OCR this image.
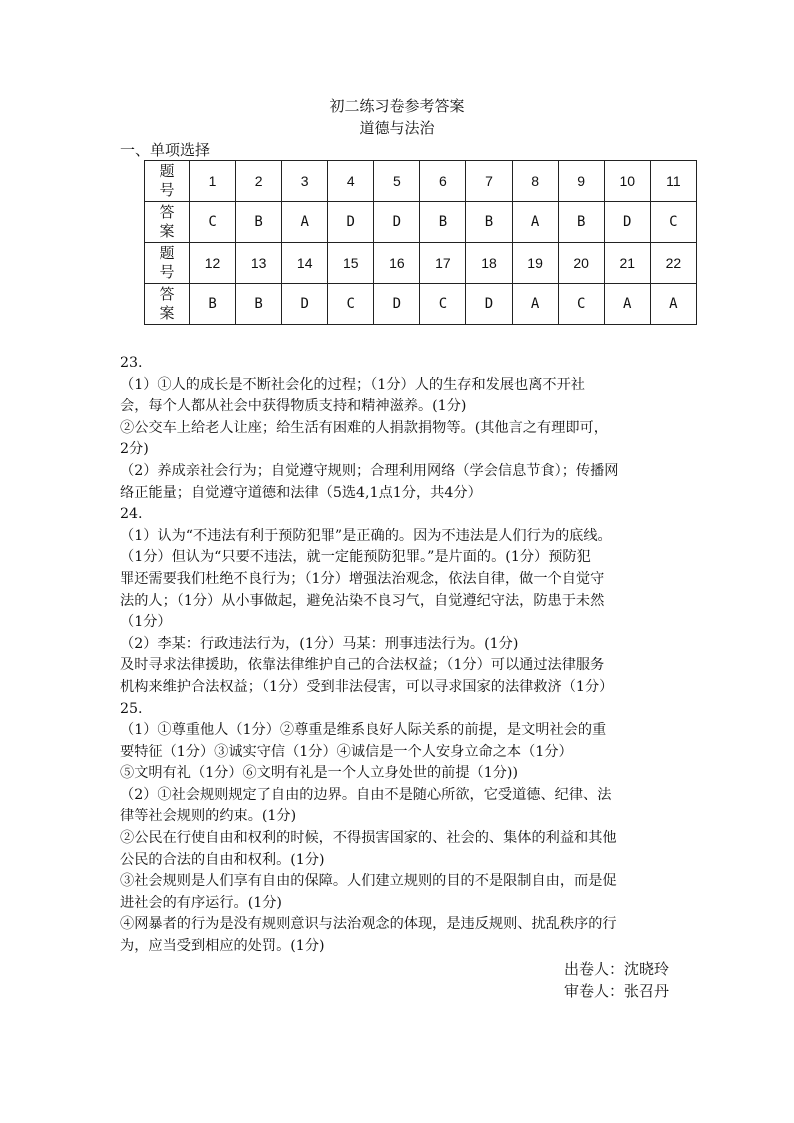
初二练习卷参考答案
道德与法治
一、单项选择
题
号	1	2	3	4	5	6	7	8	9	10	11
答
案	C	B	A	D	D	B	B	A	B	D	C
题
号	12	13	14	15	16	17	18	19	20	21	22
答
案	B	B	D	C	D	C	D	A	C	A	A
23.
（1）①人的成长是不断社会化的过程；（1分）人的生存和发展也离不开社
会，每个人都从社会中获得物质支持和精神滋养。(1分)
②公交车上给老人让座；给生活有困难的人捐款捐物等。(其他言之有理即可，
2分)
（2）养成亲社会行为；自觉遵守规则；合理利用网络（学会信息节食）；传播网
络正能量；自觉遵守道德和法律（5选4,1点1分，共4分）
24.
（1）认为“不违法有利于预防犯罪”是正确的。因为不违法是人们行为的底线。
（1分）但认为“只要不违法，就一定能预防犯罪。”是片面的。(1分）预防犯
罪还需要我们杜绝不良行为；（1分）增强法治观念，依法自律，做一个自觉守
法的人；（1分）从小事做起，避免沾染不良习气，自觉遵纪守法，防患于未然
（1分）
（2）李某：行政违法行为，(1分）马某：刑事违法行为。(1分)
及时寻求法律援助，依靠法律维护自己的合法权益；（1分）可以通过法律服务
机构来维护合法权益；（1分）受到非法侵害，可以寻求国家的法律救济（1分）
25.
（1）①尊重他人（1分）②尊重是维系良好人际关系的前提，是文明社会的重
要特征（1分）③诚实守信（1分）④诚信是一个人安身立命之本（1分）
⑤文明有礼（1分）⑥文明有礼是一个人立身处世的前提（1分))
（2）①社会规则规定了自由的边界。自由不是随心所欲，它受道德、纪律、法
律等社会规则的约束。(1分)
②公民在行使自由和权利的时候，不得损害国家的、社会的、集体的利益和其他
公民的合法的自由和权利。(1分)
③社会规则是人们享有自由的保障。人们建立规则的目的不是限制自由，而是促
进社会的有序运行。(1分)
④网暴者的行为是没有规则意识与法治观念的体现，是违反规则、扰乱秩序的行
为，应当受到相应的处罚。(1分)
出卷人：沈晓玲
审卷人：张召丹
